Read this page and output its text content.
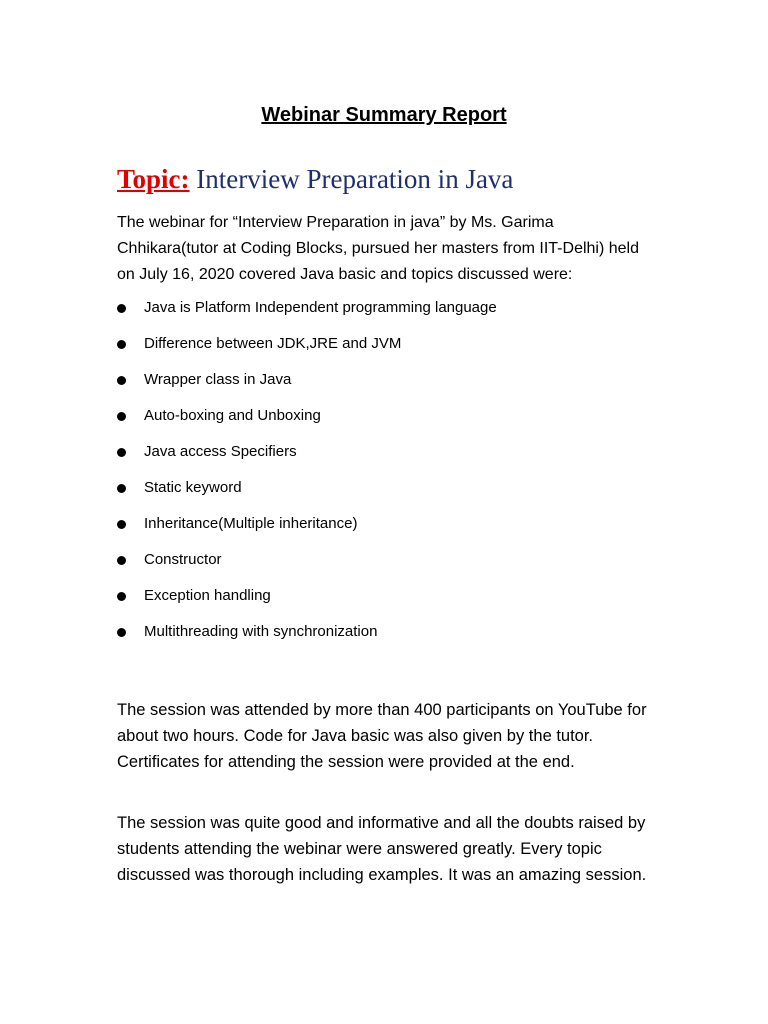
Webinar Summary Report
Topic: Interview Preparation in Java
The webinar for “Interview Preparation in java” by Ms. Garima Chhikara(tutor at Coding Blocks, pursued her masters from IIT-Delhi) held on July 16, 2020 covered Java basic and topics discussed were:
Java is Platform Independent programming language
Difference between JDK,JRE and JVM
Wrapper class in Java
Auto-boxing and Unboxing
Java access Specifiers
Static keyword
Inheritance(Multiple inheritance)
Constructor
Exception handling
Multithreading with synchronization

The session was attended by more than 400 participants on YouTube for about two hours. Code for Java basic was also given by the tutor. Certificates for attending the session were provided at the end.

The session was quite good and informative and all the doubts raised by students attending the webinar were answered greatly. Every topic discussed was thorough including examples. It was an amazing session.
